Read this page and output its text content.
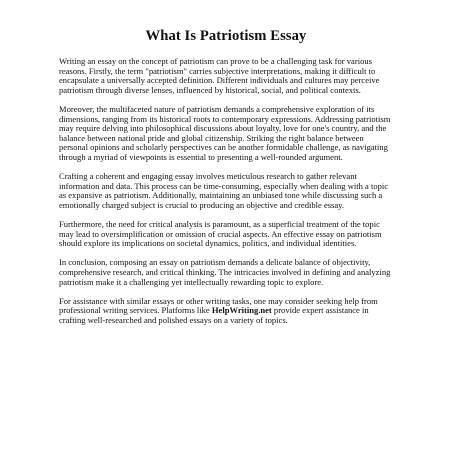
What Is Patriotism Essay

Writing an essay on the concept of patriotism can prove to be a challenging task for various
reasons. Firstly, the term "patriotism" carries subjective interpretations, making it difficult to
encapsulate a universally accepted definition. Different individuals and cultures may perceive
patriotism through diverse lenses, influenced by historical, social, and political contexts.

Moreover, the multifaceted nature of patriotism demands a comprehensive exploration of its
dimensions, ranging from its historical roots to contemporary expressions. Addressing patriotism
may require delving into philosophical discussions about loyalty, love for one's country, and the
balance between national pride and global citizenship. Striking the right balance between
personal opinions and scholarly perspectives can be another formidable challenge, as navigating
through a myriad of viewpoints is essential to presenting a well-rounded argument.

Crafting a coherent and engaging essay involves meticulous research to gather relevant
information and data. This process can be time-consuming, especially when dealing with a topic
as expansive as patriotism. Additionally, maintaining an unbiased tone while discussing such a
emotionally charged subject is crucial to producing an objective and credible essay.

Furthermore, the need for critical analysis is paramount, as a superficial treatment of the topic
may lead to oversimplification or omission of crucial aspects. An effective essay on patriotism
should explore its implications on societal dynamics, politics, and individual identities.

In conclusion, composing an essay on patriotism demands a delicate balance of objectivity,
comprehensive research, and critical thinking. The intricacies involved in defining and analyzing
patriotism make it a challenging yet intellectually rewarding topic to explore.

For assistance with similar essays or other writing tasks, one may consider seeking help from
professional writing services. Platforms like HelpWriting.net provide expert assistance in
crafting well-researched and polished essays on a variety of topics.
